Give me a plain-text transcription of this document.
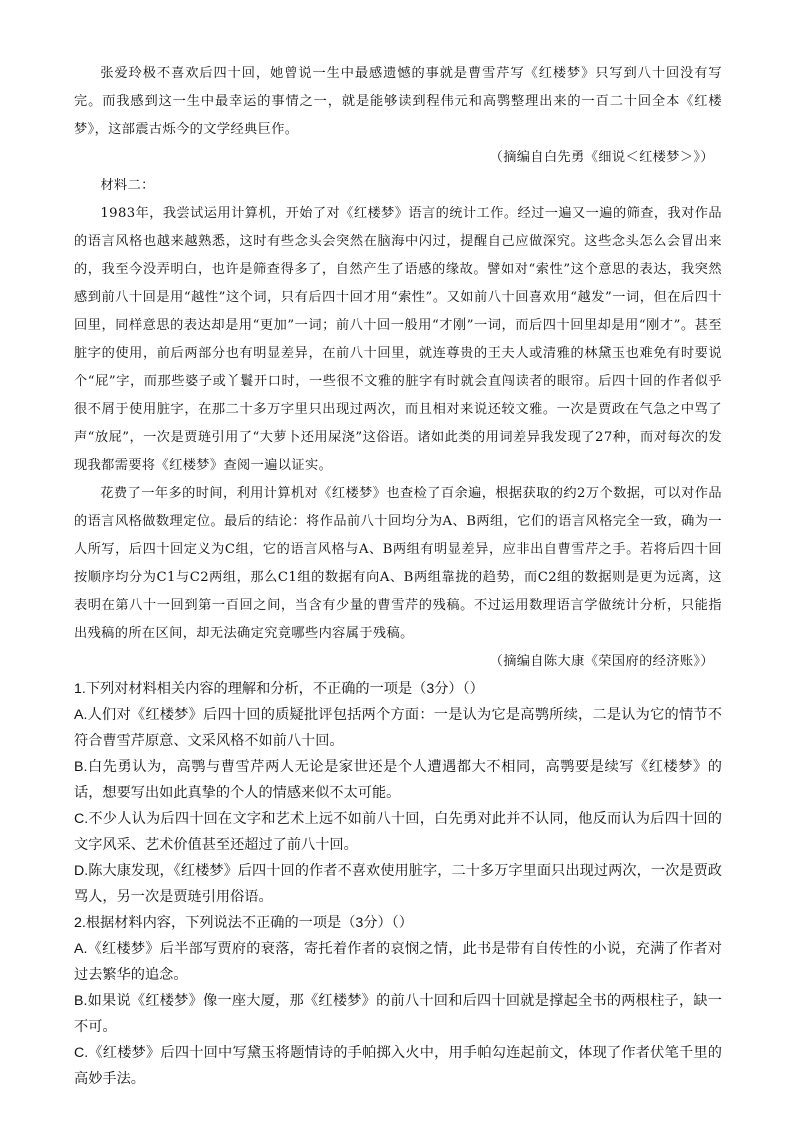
张爱玲极不喜欢后四十回，她曾说一生中最感遗憾的事就是曹雪芹写《红楼梦》只写到八十回没有写完。而我感到这一生中最幸运的事情之一，就是能够读到程伟元和高鹗整理出来的一百二十回全本《红楼梦》，这部震古烁今的文学经典巨作。

（摘编自白先勇《细说＜红楼梦＞》）

材料二：

1983年，我尝试运用计算机，开始了对《红楼梦》语言的统计工作。经过一遍又一遍的筛查，我对作品的语言风格也越来越熟悉，这时有些念头会突然在脑海中闪过，提醒自己应做深究。这些念头怎么会冒出来的，我至今没弄明白，也许是筛查得多了，自然产生了语感的缘故。譬如对“索性”这个意思的表达，我突然感到前八十回是用“越性”这个词，只有后四十回才用“索性”。又如前八十回喜欢用“越发”一词，但在后四十回里，同样意思的表达却是用“更加”一词；前八十回一般用“才刚”一词，而后四十回里却是用“刚才”。甚至脏字的使用，前后两部分也有明显差异，在前八十回里，就连尊贵的王夫人或清雅的林黛玉也难免有时要说个“屁”字，而那些婆子或丫鬟开口时，一些很不文雅的脏字有时就会直闯读者的眼帘。后四十回的作者似乎很不屑于使用脏字，在那二十多万字里只出现过两次，而且相对来说还较文雅。一次是贾政在气急之中骂了声“放屁”，一次是贾琏引用了“大萝卜还用屎浇”这俗语。诸如此类的用词差异我发现了27种，而对每次的发现我都需要将《红楼梦》查阅一遍以证实。

花费了一年多的时间，利用计算机对《红楼梦》也查检了百余遍，根据获取的约2万个数据，可以对作品的语言风格做数理定位。最后的结论：将作品前八十回均分为A、B两组，它们的语言风格完全一致，确为一人所写，后四十回定义为C组，它的语言风格与A、B两组有明显差异，应非出自曹雪芹之手。若将后四十回按顺序均分为C1与C2两组，那么C1组的数据有向A、B两组靠拢的趋势，而C2组的数据则是更为远离，这表明在第八十一回到第一百回之间，当含有少量的曹雪芹的残稿。不过运用数理语言学做统计分析，只能指出残稿的所在区间，却无法确定究竟哪些内容属于残稿。

（摘编自陈大康《荣国府的经济账》）

1.下列对材料相关内容的理解和分析，不正确的一项是（3分）（）

A.人们对《红楼梦》后四十回的质疑批评包括两个方面：一是认为它是高鹗所续，二是认为它的情节不符合曹雪芹原意、文采风格不如前八十回。

B.白先勇认为，高鹗与曹雪芹两人无论是家世还是个人遭遇都大不相同，高鹗要是续写《红楼梦》的话，想要写出如此真挚的个人的情感来似不太可能。

C.不少人认为后四十回在文字和艺术上远不如前八十回，白先勇对此并不认同，他反而认为后四十回的文字风采、艺术价值甚至还超过了前八十回。

D.陈大康发现，《红楼梦》后四十回的作者不喜欢使用脏字，二十多万字里面只出现过两次，一次是贾政骂人，另一次是贾琏引用俗语。

2.根据材料内容，下列说法不正确的一项是（3分）（）

A.《红楼梦》后半部写贾府的衰落，寄托着作者的哀悯之情，此书是带有自传性的小说，充满了作者对过去繁华的追念。

B.如果说《红楼梦》像一座大厦，那《红楼梦》的前八十回和后四十回就是撑起全书的两根柱子，缺一不可。

C.《红楼梦》后四十回中写黛玉将题情诗的手帕掷入火中，用手帕勾连起前文，体现了作者伏笔千里的高妙手法。
